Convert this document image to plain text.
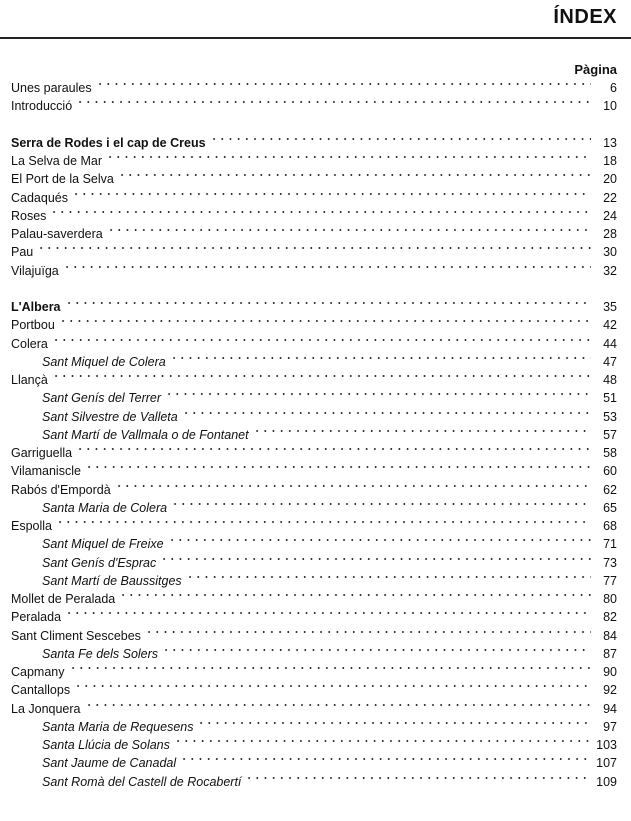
ÍNDEX
Pàgina
Unes paraules	6
Introducció	10
Serra de Rodes i el cap de Creus	13
La Selva de Mar	18
El Port de la Selva	20
Cadaqués	22
Roses	24
Palau-saverdera	28
Pau	30
Vilajuïga	32
L'Albera	35
Portbou	42
Colera	44
Sant Miquel de Colera	47
Llançà	48
Sant Genís del Terrer	51
Sant Silvestre de Valleta	53
Sant Martí de Vallmala o de Fontanet	57
Garriguella	58
Vilamaniscle	60
Rabós d'Empordà	62
Santa Maria de Colera	65
Espolla	68
Sant Miquel de Freixe	71
Sant Genís d'Esprac	73
Sant Martí de Baussitges	77
Mollet de Peralada	80
Peralada	82
Sant Climent Sescebes	84
Santa Fe dels Solers	87
Capmany	90
Cantallops	92
La Jonquera	94
Santa Maria de Requesens	97
Santa Llúcia de Solans	103
Sant Jaume de Canadal	107
Sant Romà del Castell de Rocabertí	109
